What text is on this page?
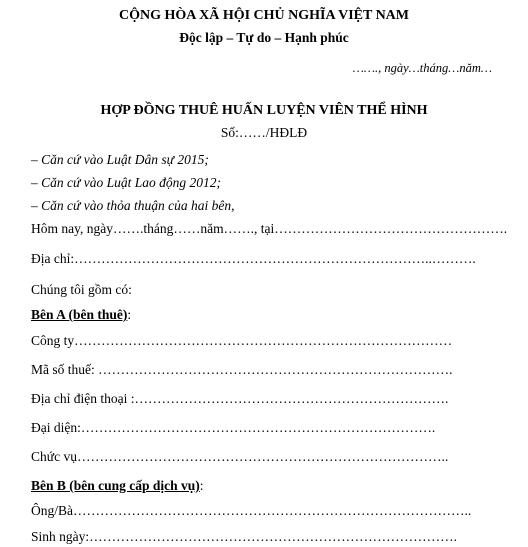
CỘNG HÒA XÃ HỘI CHỦ NGHĨA VIỆT NAM
Độc lập – Tự do – Hạnh phúc
……., ngày…tháng…năm…
HỢP ĐỒNG THUÊ HUẤN LUYỆN VIÊN THỂ HÌNH
Số:……/HĐLĐ
– Căn cứ vào Luật Dân sự 2015;
– Căn cứ vào Luật Lao động 2012;
– Căn cứ vào thỏa thuận của hai bên,
Hôm nay, ngày…….tháng……năm……., tại…………………………………………….
Địa chỉ:……………………………………………………………………..……….
Chúng tôi gồm có:
Bên A (bên thuê):
Công ty…………………………………………………………………………
Mã số thuế: …………………………………………………………………….
Địa chỉ điện thoại :…………………………………………………………….
Đại diện:…………………………………………………………………….
Chức vụ………………………………………………………………………..
Bên B (bên cung cấp dịch vụ):
Ông/Bà……………………………………………………………………………..
Sinh ngày:……………………………………………………………………….
